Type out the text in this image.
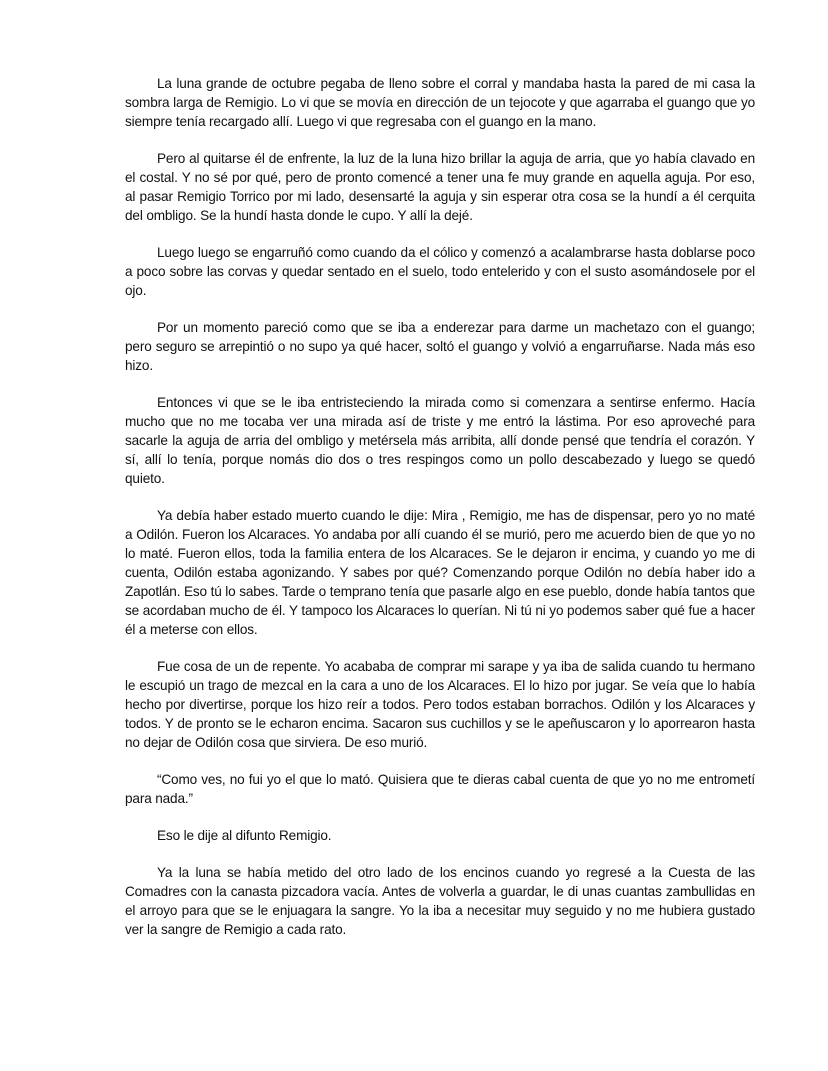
La luna grande de octubre pegaba de lleno sobre el corral y mandaba hasta la pared de mi casa la sombra larga de Remigio. Lo vi que se movía en dirección de un tejocote y que agarraba el guango que yo siempre tenía recargado allí. Luego vi que regresaba con el guango en la mano.

Pero al quitarse él de enfrente, la luz de la luna hizo brillar la aguja de arria, que yo había clavado en el costal. Y no sé por qué, pero de pronto comencé a tener una fe muy grande en aquella aguja. Por eso, al pasar Remigio Torrico por mi lado, desensarté la aguja y sin esperar otra cosa se la hundí a él cerquita del ombligo. Se la hundí hasta donde le cupo. Y allí la dejé.

Luego luego se engarruñó como cuando da el cólico y comenzó a acalambrarse hasta doblarse poco a poco sobre las corvas y quedar sentado en el suelo, todo entelerido y con el susto asomándosele por el ojo.

Por un momento pareció como que se iba a enderezar para darme un machetazo con el guango; pero seguro se arrepintió o no supo ya qué hacer, soltó el guango y volvió a engarruñarse. Nada más eso hizo.

Entonces vi que se le iba entristeciendo la mirada como si comenzara a sentirse enfermo. Hacía mucho que no me tocaba ver una mirada así de triste y me entró la lástima. Por eso aproveché para sacarle la aguja de arria del ombligo y metérsela más arribita, allí donde pensé que tendría el corazón. Y sí, allí lo tenía, porque nomás dio dos o tres respingos como un pollo descabezado y luego se quedó quieto.

Ya debía haber estado muerto cuando le dije: Mira , Remigio, me has de dispensar, pero yo no maté a Odilón. Fueron los Alcaraces. Yo andaba por allí cuando él se murió, pero me acuerdo bien de que yo no lo maté. Fueron ellos, toda la familia entera de los Alcaraces. Se le dejaron ir encima, y cuando yo me di cuenta, Odilón estaba agonizando. Y sabes por qué? Comenzando porque Odilón no debía haber ido a Zapotlán. Eso tú lo sabes. Tarde o temprano tenía que pasarle algo en ese pueblo, donde había tantos que se acordaban mucho de él. Y tampoco los Alcaraces lo querían. Ni tú ni yo podemos saber qué fue a hacer él a meterse con ellos.

Fue cosa de un de repente. Yo acababa de comprar mi sarape y ya iba de salida cuando tu hermano le escupió un trago de mezcal en la cara a uno de los Alcaraces. El lo hizo por jugar. Se veía que lo había hecho por divertirse, porque los hizo reír a todos. Pero todos estaban borrachos. Odilón y los Alcaraces y todos. Y de pronto se le echaron encima. Sacaron sus cuchillos y se le apeñuscaron y lo aporrearon hasta no dejar de Odilón cosa que sirviera. De eso murió.

“Como ves, no fui yo el que lo mató. Quisiera que te dieras cabal cuenta de que yo no me entrometí para nada.”

Eso le dije al difunto Remigio.

Ya la luna se había metido del otro lado de los encinos cuando yo regresé a la Cuesta de las Comadres con la canasta pizcadora vacía. Antes de volverla a guardar, le di unas cuantas zambullidas en el arroyo para que se le enjuagara la sangre. Yo la iba a necesitar muy seguido y no me hubiera gustado ver la sangre de Remigio a cada rato.
